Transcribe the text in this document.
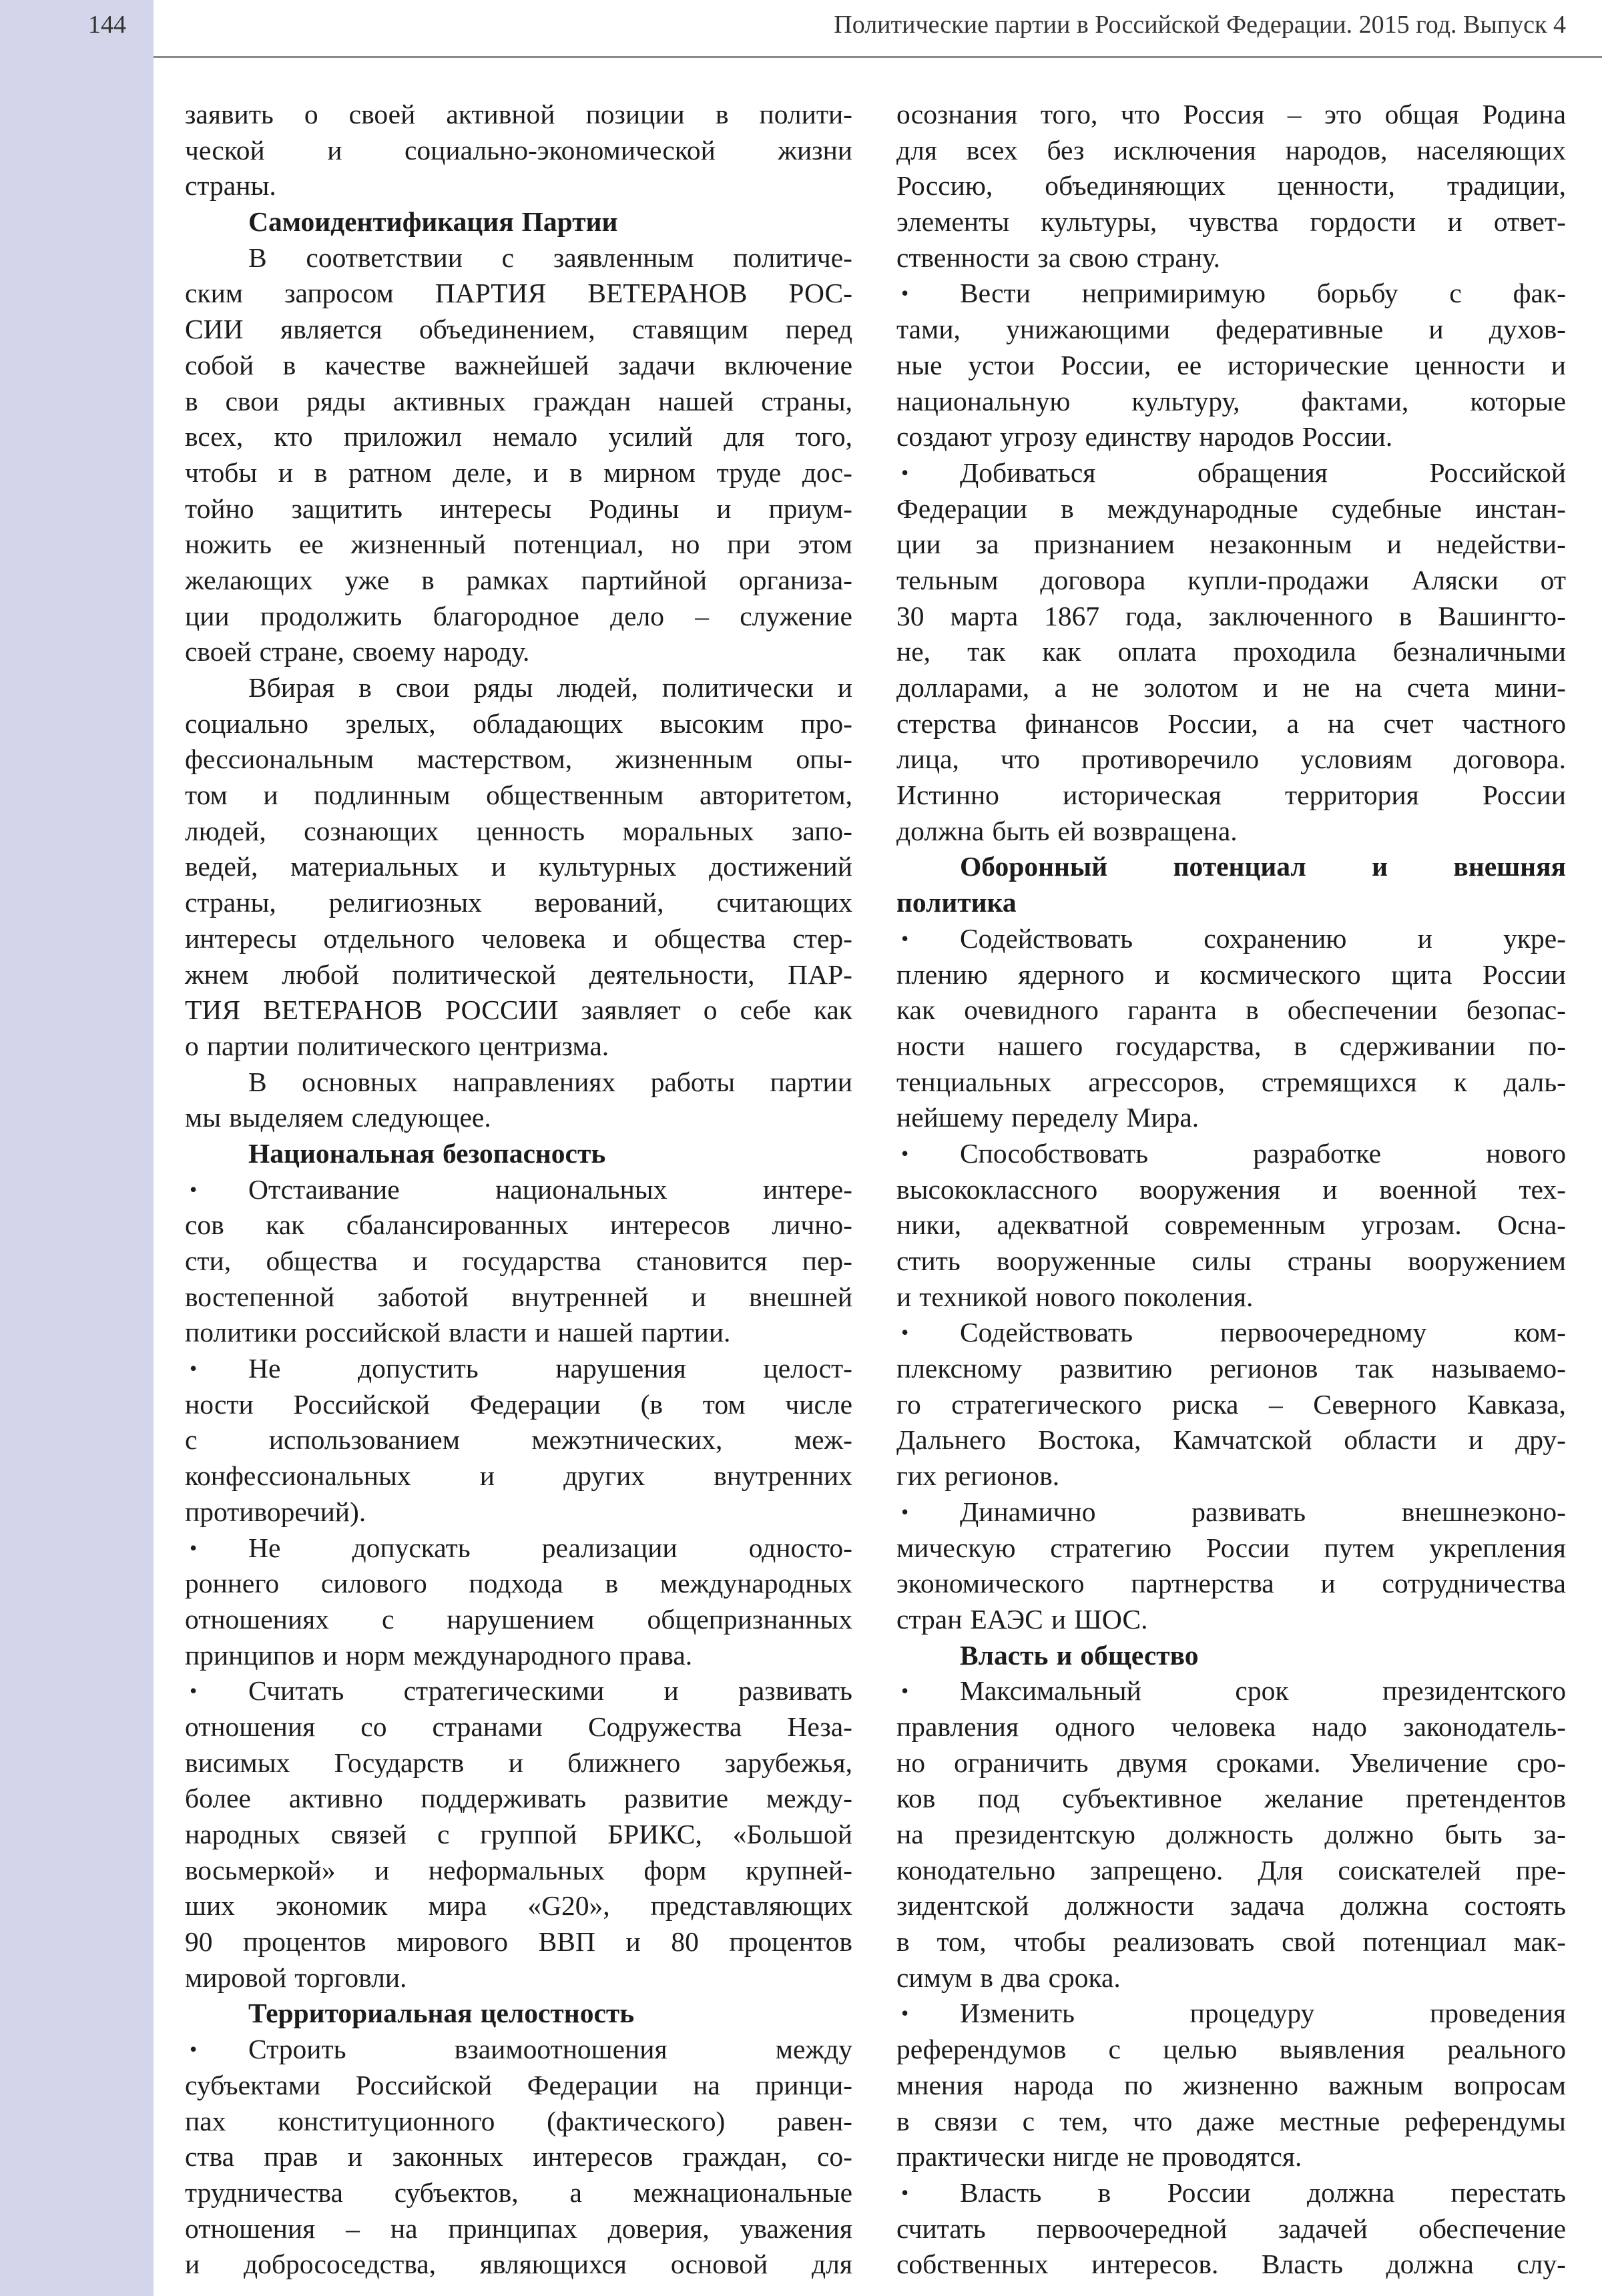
144	Политические партии в Российской Федерации. 2015 год. Выпуск 4
заявить о своей активной позиции в полити-
ческой и социально-экономической жизни
страны.
Самоидентификация Партии
В соответствии с заявленным политиче-
ским запросом ПАРТИЯ ВЕТЕРАНОВ РОС-
СИИ является объединением, ставящим перед
собой в качестве важнейшей задачи включение
в свои ряды активных граждан нашей страны,
всех, кто приложил немало усилий для того,
чтобы и в ратном деле, и в мирном труде дос-
тойно защитить интересы Родины и приум-
ножить ее жизненный потенциал, но при этом
желающих уже в рамках партийной организа-
ции продолжить благородное дело – служение
своей стране, своему народу.
Вбирая в свои ряды людей, политически и
социально зрелых, обладающих высоким про-
фессиональным мастерством, жизненным опы-
том и подлинным общественным авторитетом,
людей, сознающих ценность моральных запо-
ведей, материальных и культурных достижений
страны, религиозных верований, считающих
интересы отдельного человека и общества стер-
жнем любой политической деятельности, ПАР-
ТИЯ ВЕТЕРАНОВ РОССИИ заявляет о себе как
о партии политического центризма.
В основных направлениях работы партии
мы выделяем следующее.
Национальная безопасность
• Отстаивание	национальных	интере-
сов как сбалансированных интересов лично-
сти, общества и государства становится пер-
востепенной заботой внутренней и внешней
политики российской власти и нашей партии.
• Не	допустить	нарушения	целост-
ности Российской Федерации (в том числе
с	использованием	межэтнических,	меж-
конфессиональных и других внутренних
противоречий).
• Не	допускать	реализации	односто-
роннего силового подхода в международных
отношениях с нарушением общепризнанных
принципов и норм международного права.
• Считать стратегическими и развивать
отношения со странами Содружества Неза-
висимых Государств и ближнего зарубежья,
более активно поддерживать развитие между-
народных связей с группой БРИКС, «Большой
восьмеркой» и неформальных форм крупней-
ших экономик мира «G20», представляющих
90 процентов мирового ВВП и 80 процентов
мировой торговли.
Территориальная целостность
• Строить	взаимоотношения	между
субъектами Российской Федерации на принци-
пах конституционного (фактического) равен-
ства прав и законных интересов граждан, со-
трудничества субъектов, а межнациональные
отношения – на принципах доверия, уважения
и добрососедства, являющихся основой для
осознания того, что Россия – это общая Родина
для всех без исключения народов, населяющих
Россию, объединяющих ценности, традиции,
элементы культуры, чувства гордости и ответ-
ственности за свою страну.
• Вести непримиримую борьбу с фак-
тами, унижающими федеративные и духов-
ные устои России, ее исторические ценности и
национальную культуру, фактами, которые
создают угрозу единству народов России.
• Добиваться	обращения	Российской
Федерации в международные судебные инстан-
ции за признанием незаконным и недействи-
тельным договора купли-продажи Аляски от
30 марта 1867 года, заключенного в Вашингто-
не, так как оплата проходила безналичными
долларами, а не золотом и не на счета мини-
стерства финансов России, а на счет частного
лица, что противоречило условиям договора.
Истинно историческая территория России
должна быть ей возвращена.
Оборонный потенциал и внешняя
политика
• Содействовать	сохранению	и	укре-
плению ядерного и космического щита России
как очевидного гаранта в обеспечении безопас-
ности нашего государства, в сдерживании по-
тенциальных агрессоров, стремящихся к даль-
нейшему переделу Мира.
• Способствовать	разработке	нового
высококлассного вооружения и военной тех-
ники, адекватной современным угрозам. Осна-
стить вооруженные силы страны вооружением
и техникой нового поколения.
• Содействовать	первоочередному	ком-
плексному развитию регионов так называемо-
го стратегического риска – Северного Кавказа,
Дальнего Востока, Камчатской области и дру-
гих регионов.
• Динамично	развивать	внешнеэконо-
мическую стратегию России путем укрепления
экономического партнерства и сотрудничества
стран ЕАЭС и ШОС.
Власть и общество
• Максимальный	срок	президентского
правления одного человека надо законодатель-
но ограничить двумя сроками. Увеличение сро-
ков под субъективное желание претендентов
на президентскую должность должно быть за-
конодательно запрещено. Для соискателей пре-
зидентской должности задача должна состоять
в том, чтобы реализовать свой потенциал мак-
симум в два срока.
• Изменить	процедуру	проведения
референдумов с целью выявления реального
мнения народа по жизненно важным вопросам
в связи с тем, что даже местные референдумы
практически нигде не проводятся.
• Власть в России должна перестать
считать первоочередной задачей обеспечение
собственных интересов. Власть должна слу-
